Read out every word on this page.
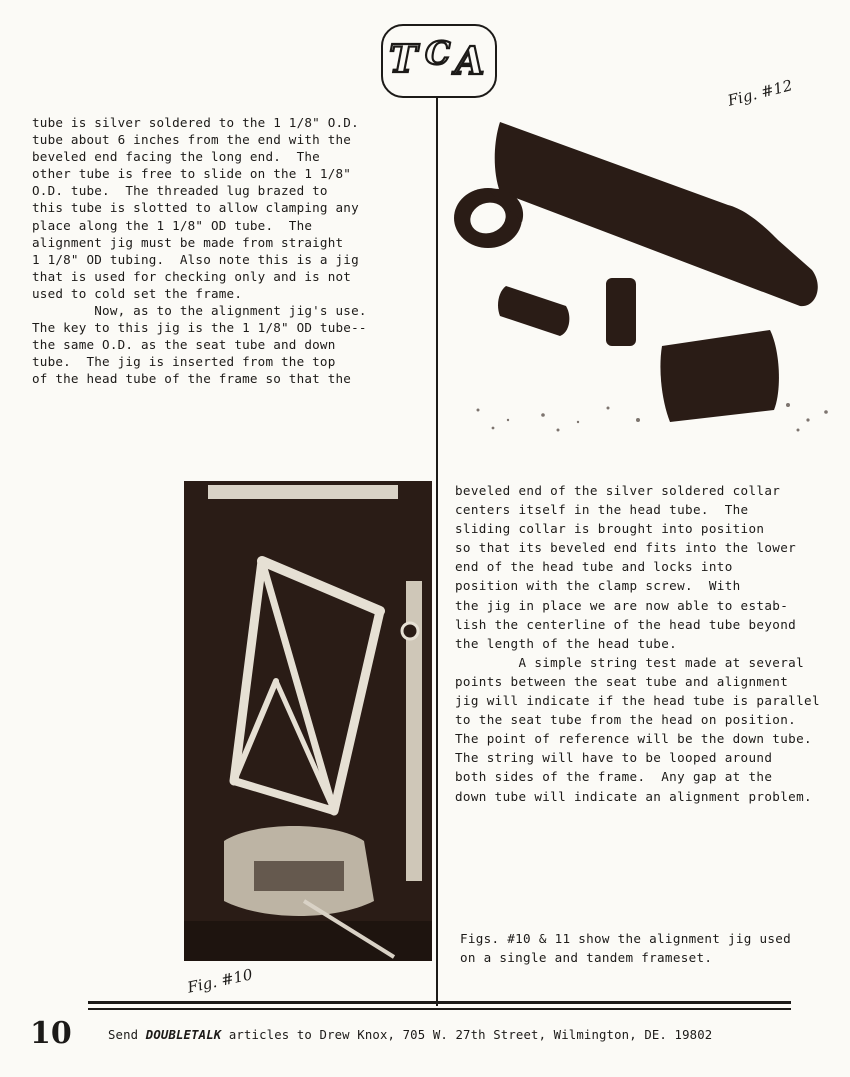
T C A
tube is silver soldered to the 1 1/8" O.D.
tube about 6 inches from the end with the
beveled end facing the long end.  The
other tube is free to slide on the 1 1/8"
O.D. tube.  The threaded lug brazed to
this tube is slotted to allow clamping any
place along the 1 1/8" OD tube.  The
alignment jig must be made from straight
1 1/8" OD tubing.  Also note this is a jig
that is used for checking only and is not
used to cold set the frame.
Now, as to the alignment jig's use.
The key to this jig is the 1 1/8" OD tube--
the same O.D. as the seat tube and down
tube.  The jig is inserted from the top
of the head tube of the frame so that the
Fig. #12
Fig. #10
beveled end of the silver soldered collar
centers itself in the head tube.  The
sliding collar is brought into position
so that its beveled end fits into the lower
end of the head tube and locks into
position with the clamp screw.  With
the jig in place we are now able to estab-
lish the centerline of the head tube beyond
the length of the head tube.
A simple string test made at several
points between the seat tube and alignment
jig will indicate if the head tube is parallel
to the seat tube from the head on position.
The point of reference will be the down tube.
The string will have to be looped around
both sides of the frame.  Any gap at the
down tube will indicate an alignment problem.
Figs. #10 & 11 show the alignment jig used
on a single and tandem frameset.
10	Send DOUBLETALK articles to Drew Knox, 705 W. 27th Street, Wilmington, DE. 19802
